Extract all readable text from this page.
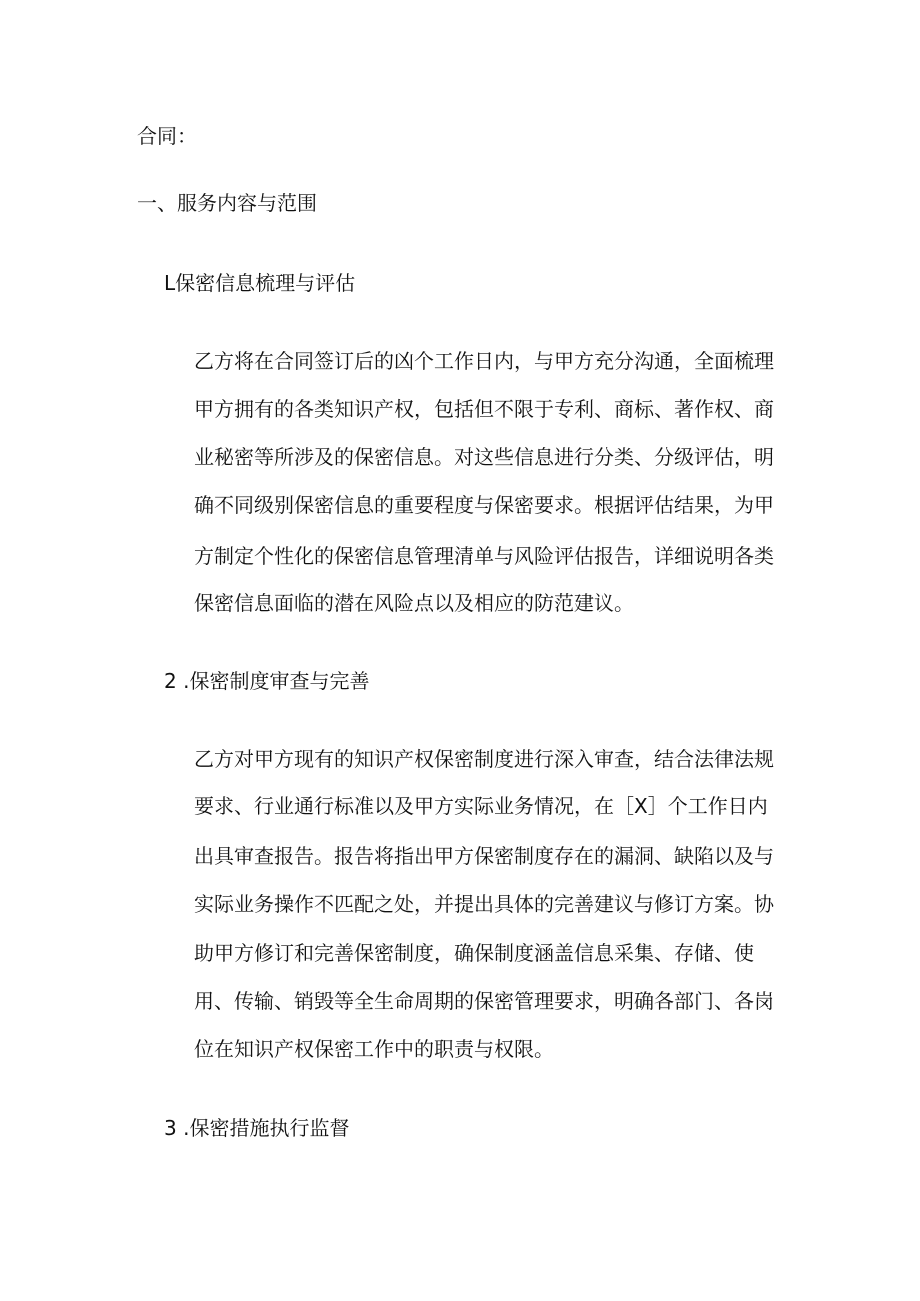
合同：
一、服务内容与范围
L保密信息梳理与评估
乙方将在合同签订后的凶个工作日内，与甲方充分沟通，全面梳理
甲方拥有的各类知识产权，包括但不限于专利、商标、著作权、商
业秘密等所涉及的保密信息。对这些信息进行分类、分级评估，明
确不同级别保密信息的重要程度与保密要求。根据评估结果，为甲
方制定个性化的保密信息管理清单与风险评估报告，详细说明各类
保密信息面临的潜在风险点以及相应的防范建议。
2 .保密制度审查与完善
乙方对甲方现有的知识产权保密制度进行深入审查，结合法律法规
要求、行业通行标准以及甲方实际业务情况，在［X］个工作日内
出具审查报告。报告将指出甲方保密制度存在的漏洞、缺陷以及与
实际业务操作不匹配之处，并提出具体的完善建议与修订方案。协
助甲方修订和完善保密制度，确保制度涵盖信息采集、存储、使
用、传输、销毁等全生命周期的保密管理要求，明确各部门、各岗
位在知识产权保密工作中的职责与权限。
3 .保密措施执行监督
